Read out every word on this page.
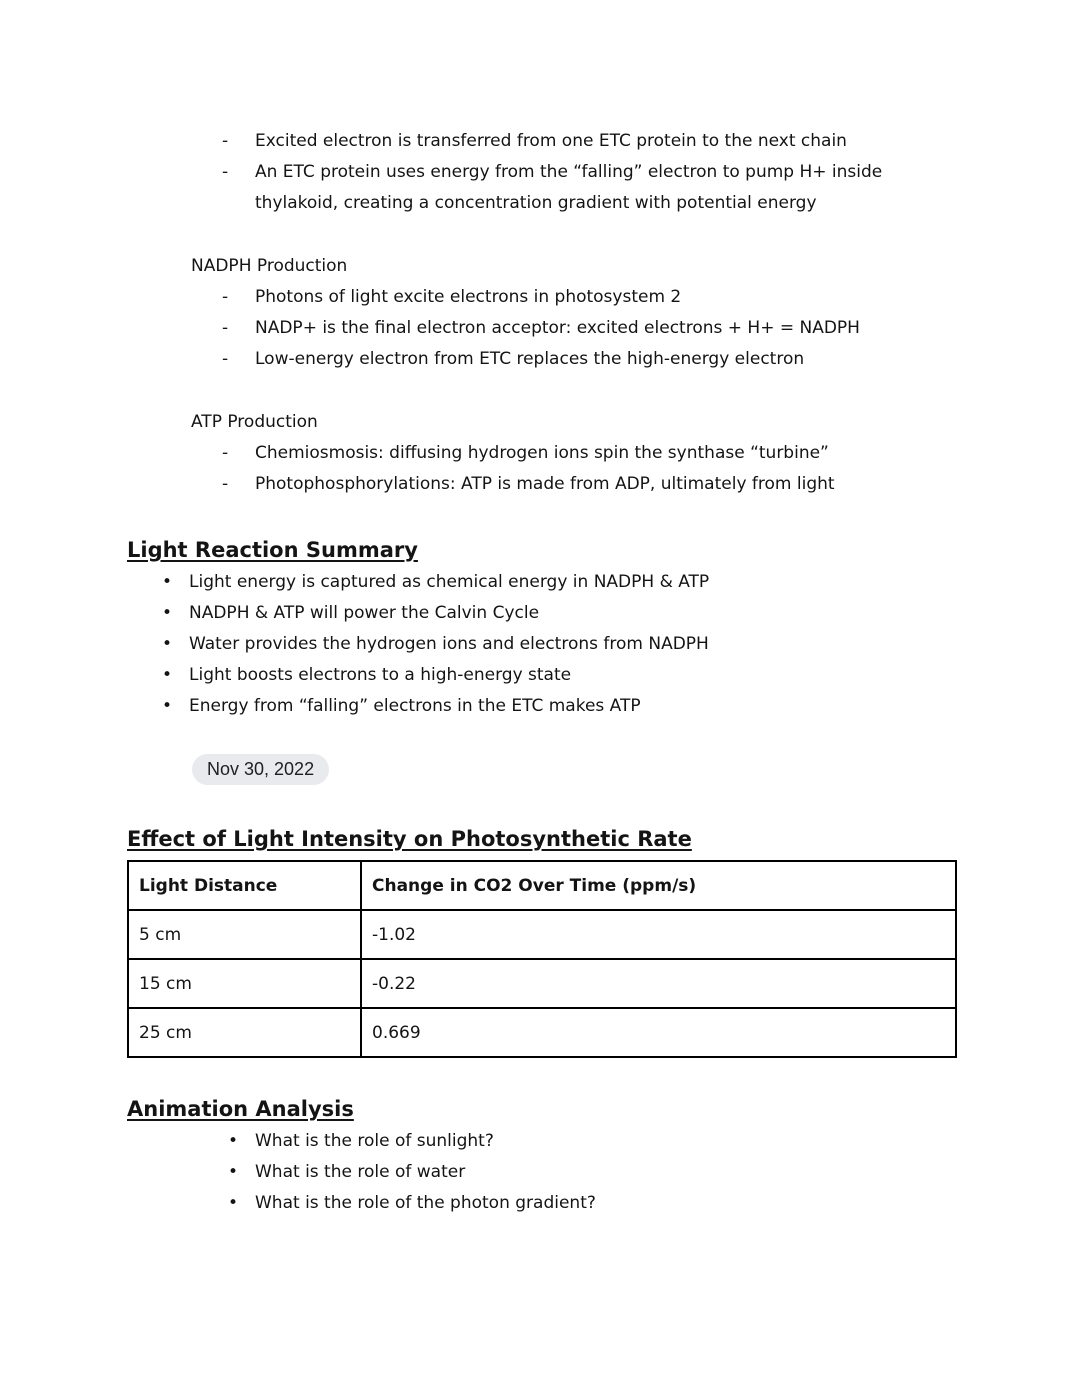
-	Excited electron is transferred from one ETC protein to the next chain
-	An ETC protein uses energy from the “falling” electron to pump H+ inside thylakoid, creating a concentration gradient with potential energy
NADPH Production
-	Photons of light excite electrons in photosystem 2
-	NADP+ is the final electron acceptor: excited electrons + H+ = NADPH
-	Low-energy electron from ETC replaces the high-energy electron
ATP Production
-	Chemiosmosis: diffusing hydrogen ions spin the synthase “turbine”
-	Photophosphorylations: ATP is made from ADP, ultimately from light
Light Reaction Summary
• Light energy is captured as chemical energy in NADPH & ATP
• NADPH & ATP will power the Calvin Cycle
• Water provides the hydrogen ions and electrons from NADPH
• Light boosts electrons to a high-energy state
• Energy from “falling” electrons in the ETC makes ATP
Nov 30, 2022
Effect of Light Intensity on Photosynthetic Rate
Light Distance	Change in CO2 Over Time (ppm/s)
5 cm	-1.02
15 cm	-0.22
25 cm	0.669
Animation Analysis
• What is the role of sunlight?
• What is the role of water
• What is the role of the photon gradient?
